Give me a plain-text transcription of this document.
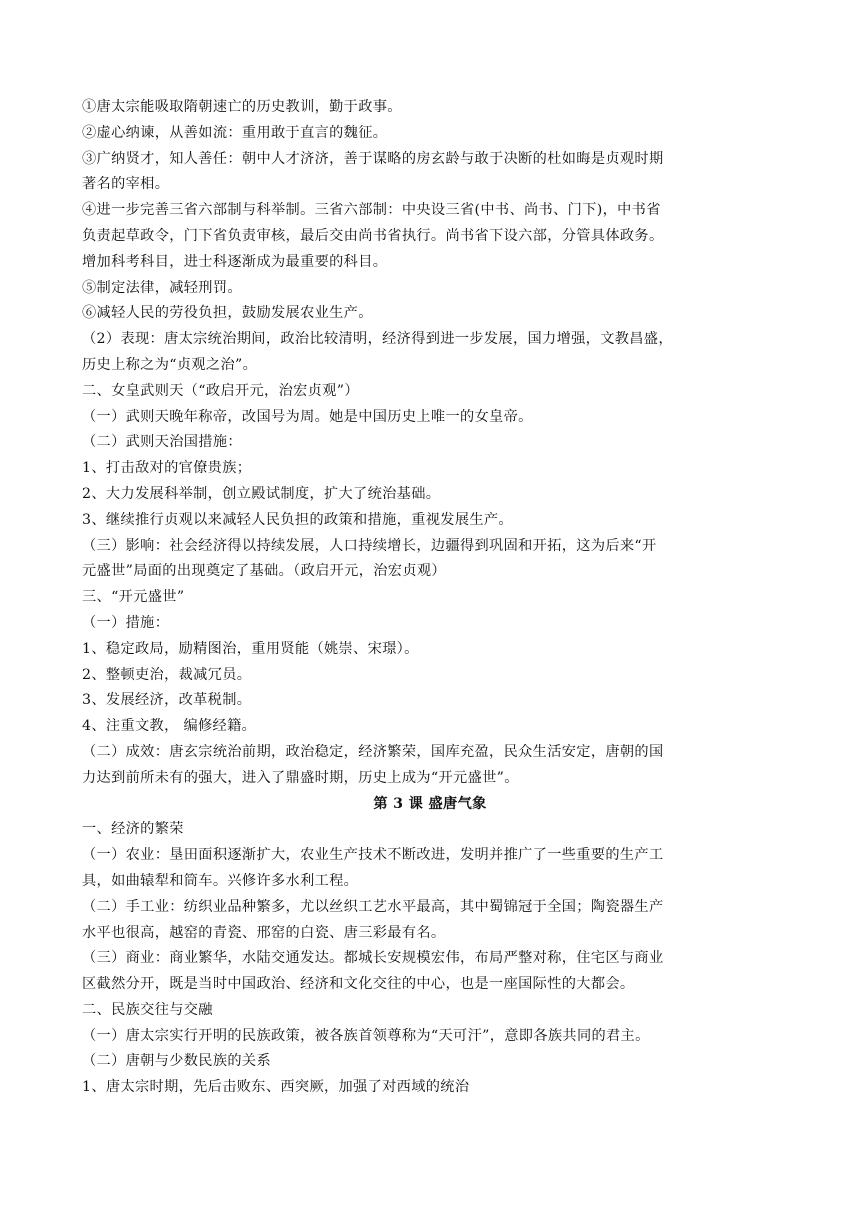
①唐太宗能吸取隋朝速亡的历史教训，勤于政事。
②虚心纳谏，从善如流：重用敢于直言的魏征。
③广纳贤才，知人善任：朝中人才济济，善于谋略的房玄龄与敢于决断的杜如晦是贞观时期
著名的宰相。
④进一步完善三省六部制与科举制。三省六部制：中央设三省(中书、尚书、门下)，中书省
负责起草政令，门下省负责审核，最后交由尚书省执行。尚书省下设六部，分管具体政务。
增加科考科目，进士科逐渐成为最重要的科目。
⑤制定法律，减轻刑罚。
⑥减轻人民的劳役负担，鼓励发展农业生产。
（2）表现：唐太宗统治期间，政治比较清明，经济得到进一步发展，国力增强，文教昌盛，
历史上称之为“贞观之治”。
二、女皇武则天（“政启开元，治宏贞观”）
（一）武则天晚年称帝，改国号为周。她是中国历史上唯一的女皇帝。
（二）武则天治国措施：
1、打击敌对的官僚贵族；
2、大力发展科举制，创立殿试制度，扩大了统治基础。
3、继续推行贞观以来减轻人民负担的政策和措施，重视发展生产。
（三）影响：社会经济得以持续发展，人口持续增长，边疆得到巩固和开拓，这为后来“开
元盛世”局面的出现奠定了基础。（政启开元，治宏贞观）
三、“开元盛世”
（一）措施：
1、稳定政局，励精图治，重用贤能（姚崇、宋璟）。
2、整顿吏治，裁减冗员。
3、发展经济，改革税制。
4、注重文教， 编修经籍。
（二）成效：唐玄宗统治前期，政治稳定，经济繁荣，国库充盈，民众生活安定，唐朝的国
力达到前所未有的强大，进入了鼎盛时期，历史上成为“开元盛世”。
第 3 课 盛唐气象
一、经济的繁荣
（一）农业：垦田面积逐渐扩大，农业生产技术不断改进，发明并推广了一些重要的生产工
具，如曲辕犁和筒车。兴修许多水利工程。
（二）手工业：纺织业品种繁多，尤以丝织工艺水平最高，其中蜀锦冠于全国；陶瓷器生产
水平也很高，越窑的青瓷、邢窑的白瓷、唐三彩最有名。
（三）商业：商业繁华，水陆交通发达。都城长安规模宏伟，布局严整对称，住宅区与商业
区截然分开，既是当时中国政治、经济和文化交往的中心，也是一座国际性的大都会。
二、民族交往与交融
（一）唐太宗实行开明的民族政策，被各族首领尊称为“天可汗”，意即各族共同的君主。
（二）唐朝与少数民族的关系
1、唐太宗时期，先后击败东、西突厥，加强了对西域的统治
